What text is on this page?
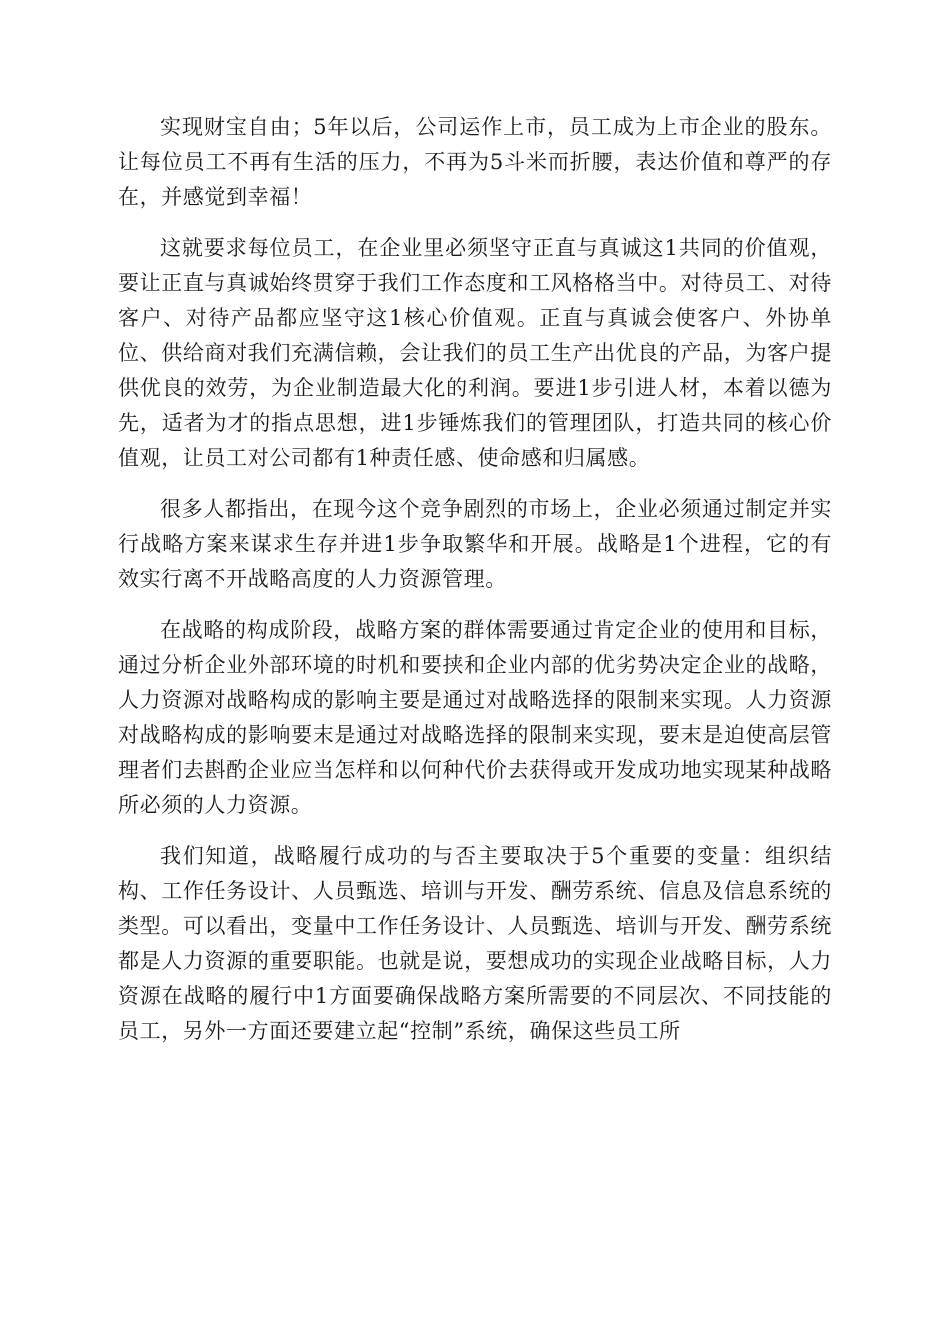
实现财宝自由；5年以后，公司运作上市，员工成为上市企业的股东。让每位员工不再有生活的压力，不再为5斗米而折腰，表达价值和尊严的存在，并感觉到幸福！

这就要求每位员工，在企业里必须坚守正直与真诚这1共同的价值观，要让正直与真诚始终贯穿于我们工作态度和工风格格当中。对待员工、对待客户、对待产品都应坚守这1核心价值观。正直与真诚会使客户、外协单位、供给商对我们充满信赖，会让我们的员工生产出优良的产品，为客户提供优良的效劳，为企业制造最大化的利润。要进1步引进人材，本着以德为先，适者为才的指点思想，进1步锤炼我们的管理团队，打造共同的核心价值观，让员工对公司都有1种责任感、使命感和归属感。

很多人都指出，在现今这个竞争剧烈的市场上，企业必须通过制定并实行战略方案来谋求生存并进1步争取繁华和开展。战略是1个进程，它的有效实行离不开战略高度的人力资源管理。

在战略的构成阶段，战略方案的群体需要通过肯定企业的使用和目标，通过分析企业外部环境的时机和要挟和企业内部的优劣势决定企业的战略，人力资源对战略构成的影响主要是通过对战略选择的限制来实现。人力资源对战略构成的影响要末是通过对战略选择的限制来实现，要末是迫使高层管理者们去斟酌企业应当怎样和以何种代价去获得或开发成功地实现某种战略所必须的人力资源。

我们知道，战略履行成功的与否主要取决于5个重要的变量：组织结构、工作任务设计、人员甄选、培训与开发、酬劳系统、信息及信息系统的类型。可以看出，变量中工作任务设计、人员甄选、培训与开发、酬劳系统都是人力资源的重要职能。也就是说，要想成功的实现企业战略目标，人力资源在战略的履行中1方面要确保战略方案所需要的不同层次、不同技能的员工，另外一方面还要建立起“控制”系统，确保这些员工所
